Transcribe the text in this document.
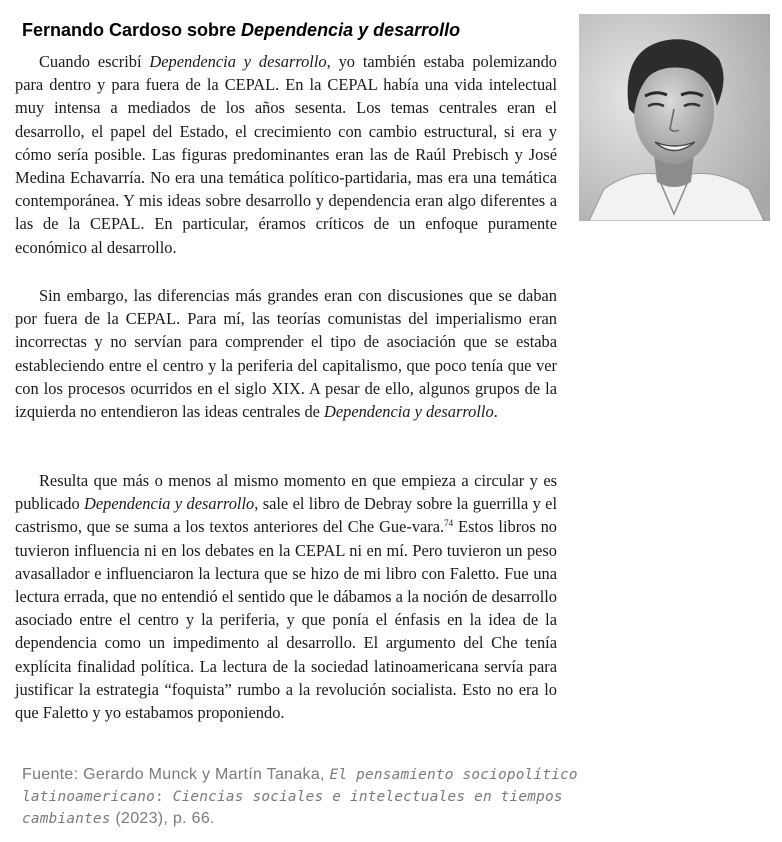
Fernando Cardoso sobre Dependencia y desarrollo

Cuando escribí Dependencia y desarrollo, yo también estaba polemizando para dentro y para fuera de la CEPAL. En la CEPAL había una vida intelectual muy intensa a mediados de los años sesenta. Los temas centrales eran el desarrollo, el papel del Estado, el crecimiento con cambio estructural, si era y cómo sería posible. Las figuras predominantes eran las de Raúl Prebisch y José Medina Echavarría. No era una temática político-partidaria, mas era una temática contemporánea. Y mis ideas sobre desarrollo y dependencia eran algo diferentes a las de la CEPAL. En particular, éramos críticos de un enfoque puramente económico al desarrollo.

Sin embargo, las diferencias más grandes eran con discusiones que se daban por fuera de la CEPAL. Para mí, las teorías comunistas del imperialismo eran incorrectas y no servían para comprender el tipo de asociación que se estaba estableciendo entre el centro y la periferia del capitalismo, que poco tenía que ver con los procesos ocurridos en el siglo XIX. A pesar de ello, algunos grupos de la izquierda no entendieron las ideas centrales de Dependencia y desarrollo.

Resulta que más o menos al mismo momento en que empieza a circular y es publicado Dependencia y desarrollo, sale el libro de Debray sobre la guerrilla y el castrismo, que se suma a los textos anteriores del Che Gue-vara.$^{74}$ Estos libros no tuvieron influencia ni en los debates en la CEPAL ni en mí. Pero tuvieron un peso avasallador e influenciaron la lectura que se hizo de mi libro con Faletto. Fue una lectura errada, que no entendió el sentido que le dábamos a la noción de desarrollo asociado entre el centro y la periferia, y que ponía el énfasis en la idea de la dependencia como un impedimento al desarrollo. El argumento del Che tenía explícita finalidad política. La lectura de la sociedad latinoamericana servía para justificar la estrategia “foquista” rumbo a la revolución socialista. Esto no era lo que Faletto y yo estabamos proponiendo.

Fuente: Gerardo Munck y Martín Tanaka, El pensamiento sociopolítico latinoamericano: Ciencias sociales e intelectuales en tiempos cambiantes (2023), p. 66.
